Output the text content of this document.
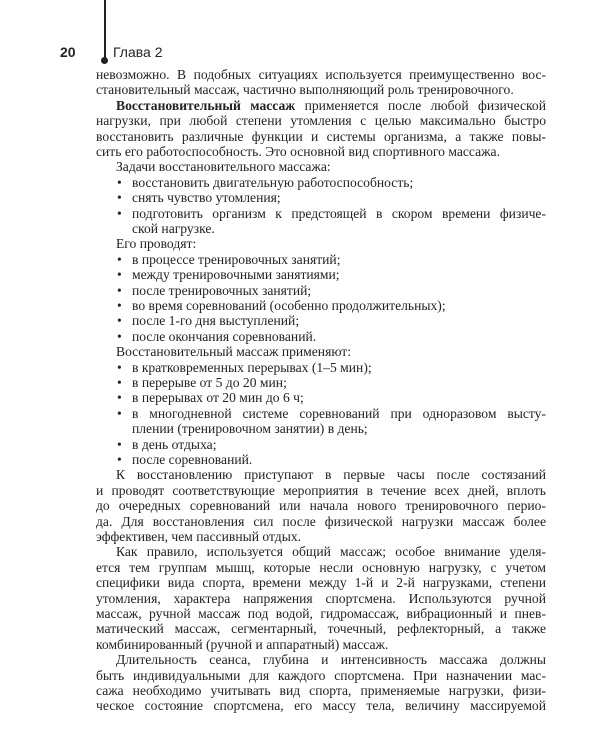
20	Глава 2
невозможно. В подобных ситуациях используется преимущественно вос-
становительный массаж, частично выполняющий роль тренировочного.
Восстановительный массаж применяется после любой физической
нагрузки, при любой степени утомления с целью максимально быстро
восстановить различные функции и системы организма, а также повы-
сить его работоспособность. Это основной вид спортивного массажа.
Задачи восстановительного массажа:
• восстановить двигательную работоспособность;
• снять чувство утомления;
• подготовить организм к предстоящей в скором времени физиче-
ской нагрузке.
Его проводят:
• в процессе тренировочных занятий;
• между тренировочными занятиями;
• после тренировочных занятий;
• во время соревнований (особенно продолжительных);
• после 1-го дня выступлений;
• после окончания соревнований.
Восстановительный массаж применяют:
• в кратковременных перерывах (1–5 мин);
• в перерыве от 5 до 20 мин;
• в перерывах от 20 мин до 6 ч;
• в многодневной системе соревнований при одноразовом высту-
плении (тренировочном занятии) в день;
• в день отдыха;
• после соревнований.
К восстановлению приступают в первые часы после состязаний
и проводят соответствующие мероприятия в течение всех дней, вплоть
до очередных соревнований или начала нового тренировочного перио-
да. Для восстановления сил после физической нагрузки массаж более
эффективен, чем пассивный отдых.
Как правило, используется общий массаж; особое внимание уделя-
ется тем группам мышц, которые несли основную нагрузку, с учетом
специфики вида спорта, времени между 1-й и 2-й нагрузками, степени
утомления, характера напряжения спортсмена. Используются ручной
массаж, ручной массаж под водой, гидромассаж, вибрационный и пнев-
матический массаж, сегментарный, точечный, рефлекторный, а также
комбинированный (ручной и аппаратный) массаж.
Длительность сеанса, глубина и интенсивность массажа должны
быть индивидуальными для каждого спортсмена. При назначении мас-
сажа необходимо учитывать вид спорта, применяемые нагрузки, физи-
ческое состояние спортсмена, его массу тела, величину массируемой
